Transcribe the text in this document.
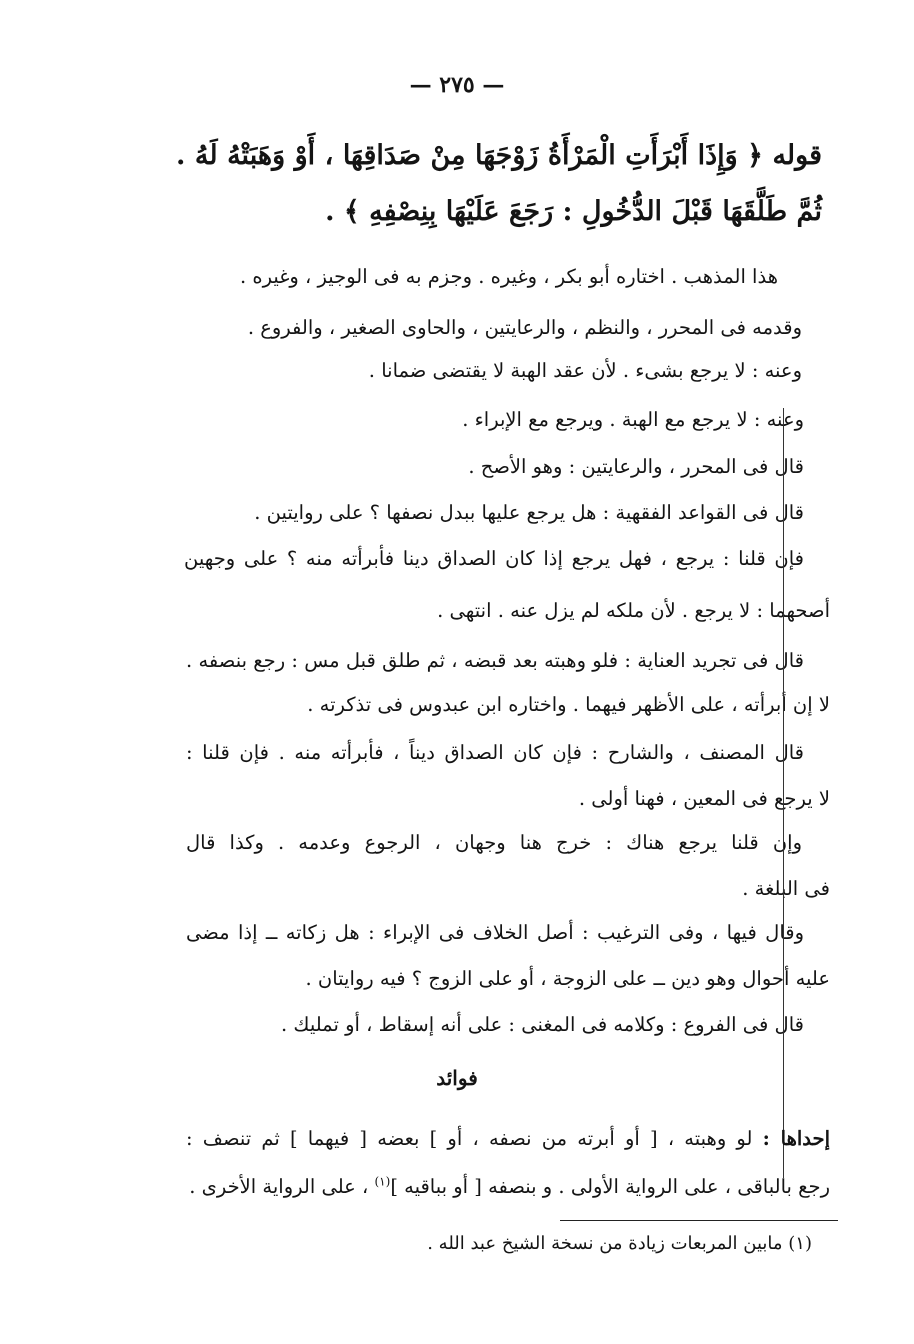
— ٢٧٥ —
قوله ﴿ وَإِذَا أَبْرَأَتِ الْمَرْأَةُ زَوْجَهَا مِنْ صَدَاقِهَا ، أَوْ وَهَبَتْهُ لَهُ . ثُمَّ طَلَّقَهَا قَبْلَ الدُّخُولِ : رَجَعَ عَلَيْهَا بِنِصْفِهِ ﴾ .
هذا المذهب . اختاره أبو بكر ، وغيره . وجزم به فى الوجيز ، وغيره .
وقدمه فى المحرر ، والنظم ، والرعايتين ، والحاوى الصغير ، والفروع .
وعنه : لا يرجع بشىء . لأن عقد الهبة لا يقتضى ضمانا .
وعنه : لا يرجع مع الهبة . ويرجع مع الإبراء .
قال فى المحرر ، والرعايتين : وهو الأصح .
قال فى القواعد الفقهية : هل يرجع عليها ببدل نصفها ؟ على روايتين .
فإن قلنا : يرجع ، فهل يرجع إذا كان الصداق دينا فأبرأته منه ؟ على وجهين
أصحهما : لا يرجع . لأن ملكه لم يزل عنه . انتهى .
قال فى تجريد العناية : فلو وهبته بعد قبضه ، ثم طلق قبل مس : رجع بنصفه .
لا إن أبرأته ، على الأظهر فيهما . واختاره ابن عبدوس فى تذكرته .
قال المصنف ، والشارح : فإن كان الصداق ديناً ، فأبرأته منه . فإن قلنا :
لا يرجع فى المعين ، فهنا أولى .
وإن قلنا يرجع هناك : خرج هنا وجهان ، الرجوع وعدمه . وكذا قال
فى البلغة .
وقال فيها ، وفى الترغيب : أصل الخلاف فى الإبراء : هل زكاته ــ إذا مضى
عليه أحوال وهو دين ــ على الزوجة ، أو على الزوج ؟ فيه روايتان .
قال فى الفروع : وكلامه فى المغنى : على أنه إسقاط ، أو تمليك .
فوائد
إحداها : لو وهبته ، [ أو أبرته من نصفه ، أو ] بعضه [ فيهما ] ثم تنصف :
رجع بالباقى ، على الرواية الأولى . و بنصفه [ أو بباقيه ]$^{(١)}$ ، على الرواية الأخرى .
(١) مابين المربعات زيادة من نسخة الشيخ عبد الله .
